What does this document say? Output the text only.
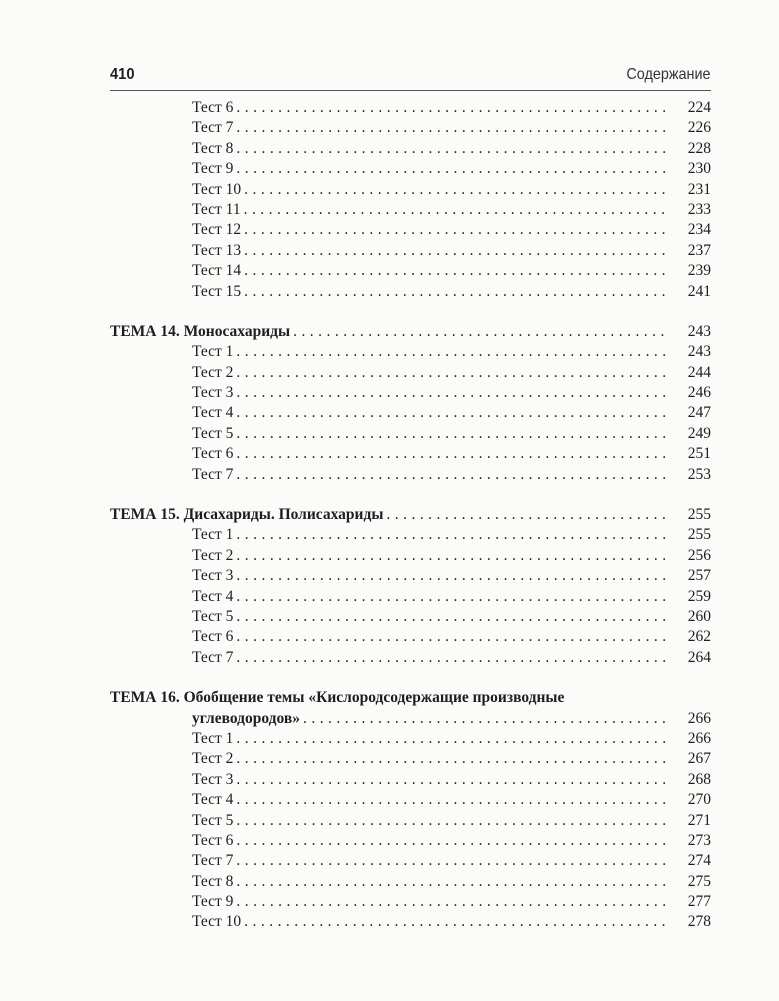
410	Содержание
Тест 6 . . .	224
Тест 7 . . .	226
Тест 8 . . .	228
Тест 9 . . .	230
Тест 10 . . .	231
Тест 11 . . .	233
Тест 12 . . .	234
Тест 13 . . .	237
Тест 14 . . .	239
Тест 15 . . .	241
ТЕМА 14. Моносахариды . . .	243
Тест 1 . . .	243
Тест 2 . . .	244
Тест 3 . . .	246
Тест 4 . . .	247
Тест 5 . . .	249
Тест 6 . . .	251
Тест 7 . . .	253
ТЕМА 15. Дисахариды. Полисахариды . . .	255
Тест 1 . . .	255
Тест 2 . . .	256
Тест 3 . . .	257
Тест 4 . . .	259
Тест 5 . . .	260
Тест 6 . . .	262
Тест 7 . . .	264
ТЕМА 16. Обобщение темы «Кислородсодержащие производные
углеводородов» . . .	266
Тест 1 . . .	266
Тест 2 . . .	267
Тест 3 . . .	268
Тест 4 . . .	270
Тест 5 . . .	271
Тест 6 . . .	273
Тест 7 . . .	274
Тест 8 . . .	275
Тест 9 . . .	277
Тест 10 . . .	278
